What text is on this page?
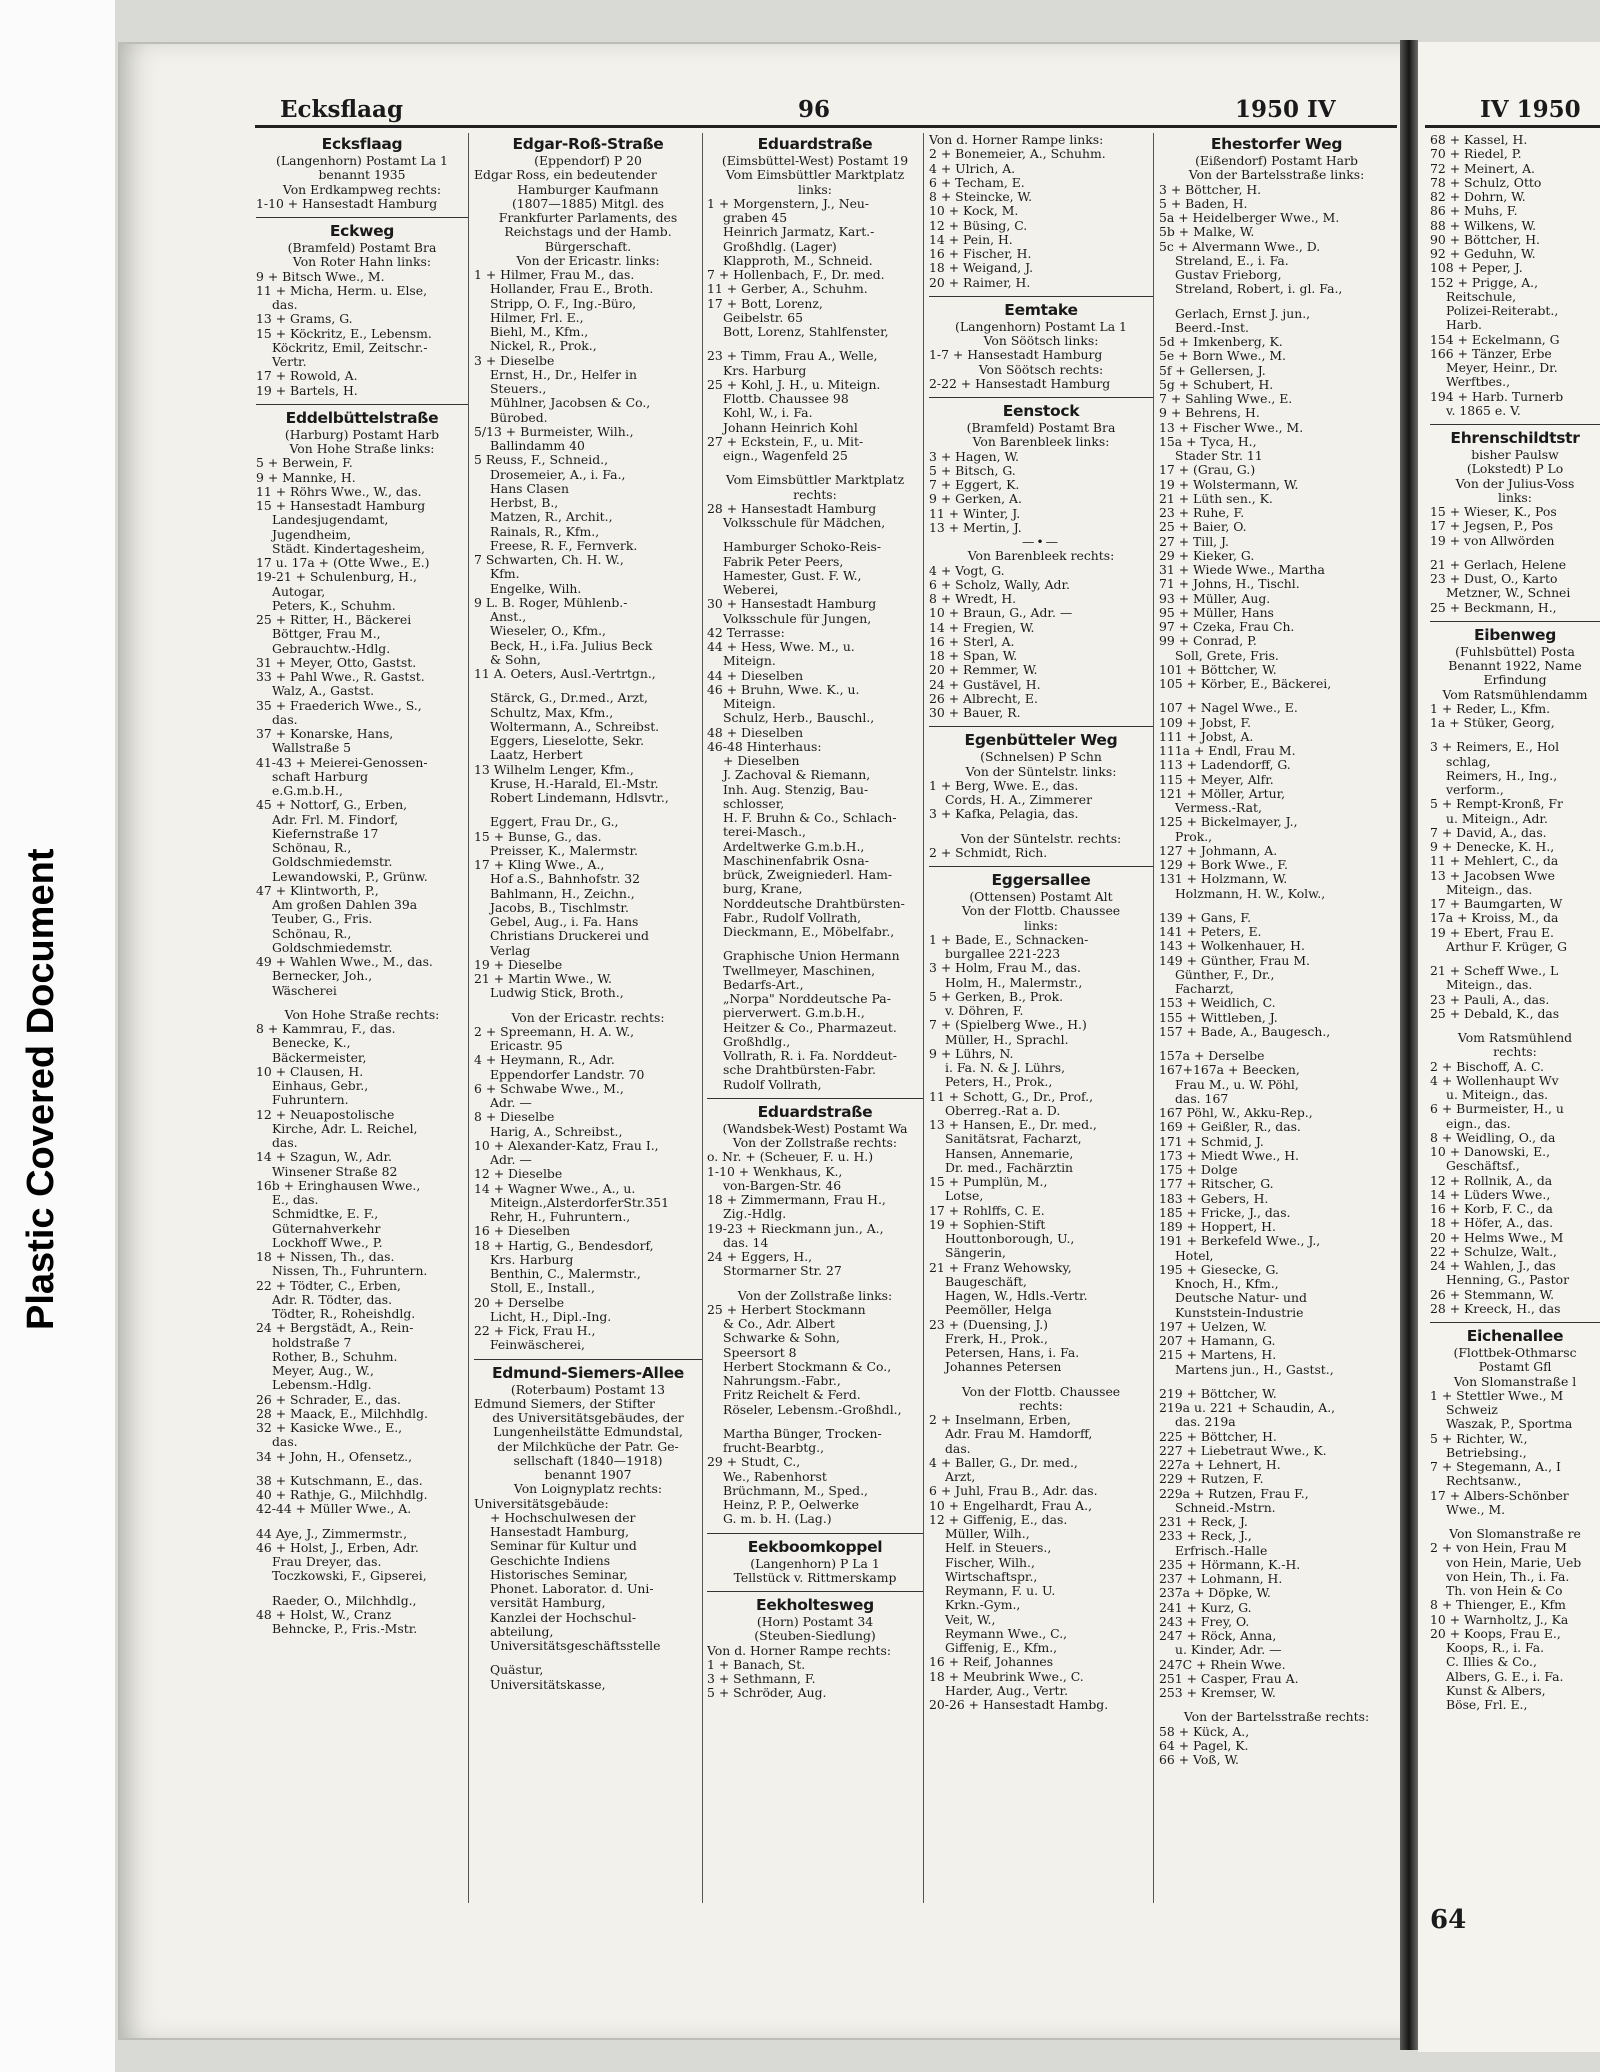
Ecksflaag	96	1950 IV	IV 1950
Ecksflaag
(Langenhorn) Postamt La 1
benannt 1935
Von Erdkampweg rechts:
1-10 + Hansestadt Hamburg
Eckweg
(Bramfeld) Postamt Bra
Von Roter Hahn links:
9 + Bitsch Wwe., M.
11 + Micha, Herm. u. Else,
das.
13 + Grams, G.
15 + Köckritz, E., Lebensm.
Köckritz, Emil, Zeitschr.-
Vertr.
17 + Rowold, A.
19 + Bartels, H.
Eddelbüttelstraße
(Harburg) Postamt Harb
Von Hohe Straße links:
5 + Berwein, F.
9 + Mannke, H.
11 + Röhrs Wwe., W., das.
15 + Hansestadt Hamburg
Landesjugendamt,
Jugendheim,
Städt. Kindertagesheim,
17 u. 17a + (Otte Wwe., E.)
19-21 + Schulenburg, H.,
Autogar,
Peters, K., Schuhm.
25 + Ritter, H., Bäckerei
Böttger, Frau M.,
Gebrauchtw.-Hdlg.
31 + Meyer, Otto, Gastst.
33 + Pahl Wwe., R. Gastst.
Walz, A., Gastst.
35 + Fraederich Wwe., S.,
das.
37 + Konarske, Hans,
Wallstraße 5
41-43 + Meierei-Genossen-
schaft Harburg
e.G.m.b.H.,
45 + Nottorf, G., Erben,
Adr. Frl. M. Findorf,
Kiefernstraße 17
Schönau, R.,
Goldschmiedemstr.
Lewandowski, P., Grünw.
47 + Klintworth, P.,
Am großen Dahlen 39a
Teuber, G., Fris.
Schönau, R.,
Goldschmiedemstr.
49 + Wahlen Wwe., M., das.
Bernecker, Joh.,
Wäscherei
Von Hohe Straße rechts:
8 + Kammrau, F., das.
Benecke, K.,
Bäckermeister,
10 + Clausen, H.
Einhaus, Gebr.,
Fuhruntern.
12 + Neuapostolische
Kirche, Adr. L. Reichel,
das.
14 + Szagun, W., Adr.
Winsener Straße 82
16b + Eringhausen Wwe.,
E., das.
Schmidtke, E. F.,
Güternahverkehr
Lockhoff Wwe., P.
18 + Nissen, Th., das.
Nissen, Th., Fuhruntern.
22 + Tödter, C., Erben,
Adr. R. Tödter, das.
Tödter, R., Roheishdlg.
24 + Bergstädt, A., Rein-
holdstraße 7
Rother, B., Schuhm.
Meyer, Aug., W.,
Lebensm.-Hdlg.
26 + Schrader, E., das.
28 + Maack, E., Milchhdlg.
32 + Kasicke Wwe., E.,
das.
34 + John, H., Ofensetz.,
38 + Kutschmann, E., das.
40 + Rathje, G., Milchhdlg.
42-44 + Müller Wwe., A.
44 Aye, J., Zimmermstr.,
46 + Holst, J., Erben, Adr.
Frau Dreyer, das.
Toczkowski, F., Gipserei,
Raeder, O., Milchhdlg.,
48 + Holst, W., Cranz
Behncke, P., Fris.-Mstr.
Edgar-Roß-Straße
(Eppendorf) P 20
Edgar Ross, ein bedeutender
Hamburger Kaufmann
(1807—1885) Mitgl. des
Frankfurter Parlaments, des
Reichstags und der Hamb.
Bürgerschaft.
Von der Ericastr. links:
1 + Hilmer, Frau M., das.
Hollander, Frau E., Broth.
Stripp, O. F., Ing.-Büro,
Hilmer, Frl. E.,
Biehl, M., Kfm.,
Nickel, R., Prok.,
3 + Dieselbe
Ernst, H., Dr., Helfer in
Steuers.,
Mühlner, Jacobsen & Co.,
Bürobed.
5/13 + Burmeister, Wilh.,
Ballindamm 40
5 Reuss, F., Schneid.,
Drosemeier, A., i. Fa.,
Hans Clasen
Herbst, B.,
Matzen, R., Archit.,
Rainals, R., Kfm.,
Freese, R. F., Fernverk.
7 Schwarten, Ch. H. W.,
Kfm.
Engelke, Wilh.
9 L. B. Roger, Mühlenb.-
Anst.,
Wieseler, O., Kfm.,
Beck, H., i.Fa. Julius Beck
& Sohn,
11 A. Oeters, Ausl.-Vertrtgn.,
Stärck, G., Dr.med., Arzt,
Schultz, Max, Kfm.,
Woltermann, A., Schreibst.
Eggers, Lieselotte, Sekr.
Laatz, Herbert
13 Wilhelm Lenger, Kfm.,
Kruse, H.-Harald, El.-Mstr.
Robert Lindemann, Hdlsvtr.,
Eggert, Frau Dr., G.,
15 + Bunse, G., das.
Preisser, K., Malermstr.
17 + Kling Wwe., A.,
Hof a.S., Bahnhofstr. 32
Bahlmann, H., Zeichn.,
Jacobs, B., Tischlmstr.
Gebel, Aug., i. Fa. Hans
Christians Druckerei und
Verlag
19 + Dieselbe
21 + Martin Wwe., W.
Ludwig Stick, Broth.,
Von der Ericastr. rechts:
2 + Spreemann, H. A. W.,
Ericastr. 95
4 + Heymann, R., Adr.
Eppendorfer Landstr. 70
6 + Schwabe Wwe., M.,
Adr. —
8 + Dieselbe
Harig, A., Schreibst.,
10 + Alexander-Katz, Frau I.,
Adr. —
12 + Dieselbe
14 + Wagner Wwe., A., u.
Miteign.,AlsterdorferStr.351
Rehr, H., Fuhruntern.,
16 + Dieselben
18 + Hartig, G., Bendesdorf,
Krs. Harburg
Benthin, C., Malermstr.,
Stoll, E., Install.,
20 + Derselbe
Licht, H., Dipl.-Ing.
22 + Fick, Frau H.,
Feinwäscherei,
Edmund-Siemers-Allee
(Roterbaum) Postamt 13
Edmund Siemers, der Stifter
des Universitätsgebäudes, der
Lungenheilstätte Edmundstal,
der Milchküche der Patr. Ge-
sellschaft (1840—1918)
benannt 1907
Von Loignyplatz rechts:
Universitätsgebäude:
+ Hochschulwesen der
Hansestadt Hamburg,
Seminar für Kultur und
Geschichte Indiens
Historisches Seminar,
Phonet. Laborator. d. Uni-
versität Hamburg,
Kanzlei der Hochschul-
abteilung,
Universitätsgeschäftsstelle
Quästur,
Universitätskasse,
Eduardstraße
(Eimsbüttel-West) Postamt 19
Vom Eimsbüttler Marktplatz
links:
1 + Morgenstern, J., Neu-
graben 45
Heinrich Jarmatz, Kart.-
Großhdlg. (Lager)
Klapproth, M., Schneid.
7 + Hollenbach, F., Dr. med.
11 + Gerber, A., Schuhm.
17 + Bott, Lorenz,
Geibelstr. 65
Bott, Lorenz, Stahlfenster,
23 + Timm, Frau A., Welle,
Krs. Harburg
25 + Kohl, J. H., u. Miteign.
Flottb. Chaussee 98
Kohl, W., i. Fa.
Johann Heinrich Kohl
27 + Eckstein, F., u. Mit-
eign., Wagenfeld 25
Vom Eimsbüttler Marktplatz
rechts:
28 + Hansestadt Hamburg
Volksschule für Mädchen,
Hamburger Schoko-Reis-
Fabrik Peter Peers,
Hamester, Gust. F. W.,
Weberei,
30 + Hansestadt Hamburg
Volksschule für Jungen,
42 Terrasse:
44 + Hess, Wwe. M., u.
Miteign.
44 + Dieselben
46 + Bruhn, Wwe. K., u.
Miteign.
Schulz, Herb., Bauschl.,
48 + Dieselben
46-48 Hinterhaus:
+ Dieselben
J. Zachoval & Riemann,
Inh. Aug. Stenzig, Bau-
schlosser,
H. F. Bruhn & Co., Schlach-
terei-Masch.,
Ardeltwerke G.m.b.H.,
Maschinenfabrik Osna-
brück, Zweigniederl. Ham-
burg, Krane,
Norddeutsche Drahtbürsten-
Fabr., Rudolf Vollrath,
Dieckmann, E., Möbelfabr.,
Graphische Union Hermann
Twellmeyer, Maschinen,
Bedarfs-Art.,
„Norpa" Norddeutsche Pa-
pierverwert. G.m.b.H.,
Heitzer & Co., Pharmazeut.
Großhdlg.,
Vollrath, R. i. Fa. Norddeut-
sche Drahtbürsten-Fabr.
Rudolf Vollrath,
Eduardstraße
(Wandsbek-West) Postamt Wa
Von der Zollstraße rechts:
o. Nr. + (Scheuer, F. u. H.)
1-10 + Wenkhaus, K.,
von-Bargen-Str. 46
18 + Zimmermann, Frau H.,
Zig.-Hdlg.
19-23 + Rieckmann jun., A.,
das. 14
24 + Eggers, H.,
Stormarner Str. 27
Von der Zollstraße links:
25 + Herbert Stockmann
& Co., Adr. Albert
Schwarke & Sohn,
Speersort 8
Herbert Stockmann & Co.,
Nahrungsm.-Fabr.,
Fritz Reichelt & Ferd.
Röseler, Lebensm.-Großhdl.,
Martha Bünger, Trocken-
frucht-Bearbtg.,
29 + Studt, C.,
We., Rabenhorst
Brüchmann, M., Sped.,
Heinz, P. P., Oelwerke
G. m. b. H. (Lag.)
Eekboomkoppel
(Langenhorn) P La 1
Tellstück v. Rittmerskamp
Eekholtesweg
(Horn) Postamt 34
(Steuben-Siedlung)
Von d. Horner Rampe rechts:
1 + Banach, St.
3 + Sethmann, F.
5 + Schröder, Aug.
Von d. Horner Rampe links:
2 + Bonemeier, A., Schuhm.
4 + Ulrich, A.
6 + Techam, E.
8 + Steincke, W.
10 + Kock, M.
12 + Büsing, C.
14 + Pein, H.
16 + Fischer, H.
18 + Weigand, J.
20 + Raimer, H.
Eemtake
(Langenhorn) Postamt La 1
Von Söötsch links:
1-7 + Hansestadt Hamburg
Von Söötsch rechts:
2-22 + Hansestadt Hamburg
Eenstock
(Bramfeld) Postamt Bra
Von Barenbleek links:
3 + Hagen, W.
5 + Bitsch, G.
7 + Eggert, K.
9 + Gerken, A.
11 + Winter, J.
13 + Mertin, J.
—•—
Von Barenbleek rechts:
4 + Vogt, G.
6 + Scholz, Wally, Adr.
8 + Wredt, H.
10 + Braun, G., Adr. —
14 + Fregien, W.
16 + Sterl, A.
18 + Span, W.
20 + Remmer, W.
24 + Gustävel, H.
26 + Albrecht, E.
30 + Bauer, R.
Egenbütteler Weg
(Schnelsen) P Schn
Von der Süntelstr. links:
1 + Berg, Wwe. E., das.
Cords, H. A., Zimmerer
3 + Kafka, Pelagia, das.
Von der Süntelstr. rechts:
2 + Schmidt, Rich.
Eggersallee
(Ottensen) Postamt Alt
Von der Flottb. Chaussee
links:
1 + Bade, E., Schnacken-
burgallee 221-223
3 + Holm, Frau M., das.
Holm, H., Malermstr.,
5 + Gerken, B., Prok.
v. Döhren, F.
7 + (Spielberg Wwe., H.)
Müller, H., Sprachl.
9 + Lührs, N.
i. Fa. N. & J. Lührs,
Peters, H., Prok.,
11 + Schott, G., Dr., Prof.,
Oberreg.-Rat a. D.
13 + Hansen, E., Dr. med.,
Sanitätsrat, Facharzt,
Hansen, Annemarie,
Dr. med., Fachärztin
15 + Pumplün, M.,
Lotse,
17 + Rohlffs, C. E.
19 + Sophien-Stift
Houttonborough, U.,
Sängerin,
21 + Franz Wehowsky,
Baugeschäft,
Hagen, W., Hdls.-Vertr.
Peemöller, Helga
23 + (Duensing, J.)
Frerk, H., Prok.,
Petersen, Hans, i. Fa.
Johannes Petersen
Von der Flottb. Chaussee
rechts:
2 + Inselmann, Erben,
Adr. Frau M. Hamdorff,
das.
4 + Baller, G., Dr. med.,
Arzt,
6 + Juhl, Frau B., Adr. das.
10 + Engelhardt, Frau A.,
12 + Giffenig, E., das.
Müller, Wilh.,
Helf. in Steuers.,
Fischer, Wilh.,
Wirtschaftspr.,
Reymann, F. u. U.
Krkn.-Gym.,
Veit, W.,
Reymann Wwe., C.,
Giffenig, E., Kfm.,
16 + Reif, Johannes
18 + Meubrink Wwe., C.
Harder, Aug., Vertr.
20-26 + Hansestadt Hambg.
Ehestorfer Weg
(Eißendorf) Postamt Harb
Von der Bartelsstraße links:
3 + Böttcher, H.
5 + Baden, H.
5a + Heidelberger Wwe., M.
5b + Malke, W.
5c + Alvermann Wwe., D.
Streland, E., i. Fa.
Gustav Frieborg,
Streland, Robert, i. gl. Fa.,
Gerlach, Ernst J. jun.,
Beerd.-Inst.
5d + Imkenberg, K.
5e + Born Wwe., M.
5f + Gellersen, J.
5g + Schubert, H.
7 + Sahling Wwe., E.
9 + Behrens, H.
13 + Fischer Wwe., M.
15a + Tyca, H.,
Stader Str. 11
17 + (Grau, G.)
19 + Wolstermann, W.
21 + Lüth sen., K.
23 + Ruhe, F.
25 + Baier, O.
27 + Till, J.
29 + Kieker, G.
31 + Wiede Wwe., Martha
71 + Johns, H., Tischl.
93 + Müller, Aug.
95 + Müller, Hans
97 + Czeka, Frau Ch.
99 + Conrad, P.
Soll, Grete, Fris.
101 + Böttcher, W.
105 + Körber, E., Bäckerei,
107 + Nagel Wwe., E.
109 + Jobst, F.
111 + Jobst, A.
111a + Endl, Frau M.
113 + Ladendorff, G.
115 + Meyer, Alfr.
121 + Möller, Artur,
Vermess.-Rat,
125 + Bickelmayer, J.,
Prok.,
127 + Johmann, A.
129 + Bork Wwe., F.
131 + Holzmann, W.
Holzmann, H. W., Kolw.,
139 + Gans, F.
141 + Peters, E.
143 + Wolkenhauer, H.
149 + Günther, Frau M.
Günther, F., Dr.,
Facharzt,
153 + Weidlich, C.
155 + Wittleben, J.
157 + Bade, A., Baugesch.,
157a + Derselbe
167+167a + Beecken,
Frau M., u. W. Pöhl,
das. 167
167 Pöhl, W., Akku-Rep.,
169 + Geißler, R., das.
171 + Schmid, J.
173 + Miedt Wwe., H.
175 + Dolge
177 + Ritscher, G.
183 + Gebers, H.
185 + Fricke, J., das.
189 + Hoppert, H.
191 + Berkefeld Wwe., J.,
Hotel,
195 + Giesecke, G.
Knoch, H., Kfm.,
Deutsche Natur- und
Kunststein-Industrie
197 + Uelzen, W.
207 + Hamann, G.
215 + Martens, H.
Martens jun., H., Gastst.,
219 + Böttcher, W.
219a u. 221 + Schaudin, A.,
das. 219a
225 + Böttcher, H.
227 + Liebetraut Wwe., K.
227a + Lehnert, H.
229 + Rutzen, F.
229a + Rutzen, Frau F.,
Schneid.-Mstrn.
231 + Reck, J.
233 + Reck, J.,
Erfrisch.-Halle
235 + Hörmann, K.-H.
237 + Lohmann, H.
237a + Döpke, W.
241 + Kurz, G.
243 + Frey, O.
247 + Röck, Anna,
u. Kinder, Adr. —
247C + Rhein Wwe.
251 + Casper, Frau A.
253 + Kremser, W.
Von der Bartelsstraße rechts:
58 + Kück, A.,
64 + Pagel, K.
66 + Voß, W.
68 + Kassel, H.
70 + Riedel, P.
72 + Meinert, A.
78 + Schulz, Otto
82 + Dohrn, W.
86 + Muhs, F.
88 + Wilkens, W.
90 + Böttcher, H.
92 + Geduhn, W.
108 + Peper, J.
152 + Prigge, A.,
Reitschule,
Polizei-Reiterabt.,
Harb.
154 + Eckelmann, G
166 + Tänzer, Erbe
Meyer, Heinr., Dr.
Werftbes.,
194 + Harb. Turnerb
v. 1865 e. V.
Ehrenschildtstr
bisher Paulsw
(Lokstedt) P Lo
Von der Julius-Voss
links:
15 + Wieser, K., Pos
17 + Jegsen, P., Pos
19 + von Allwörden
21 + Gerlach, Helene
23 + Dust, O., Karto
Metzner, W., Schnei
25 + Beckmann, H.,
Eibenweg
(Fuhlsbüttel) Posta
Benannt 1922, Name
Erfindung
Vom Ratsmühlendamm
1 + Reder, L., Kfm.
1a + Stüker, Georg,
3 + Reimers, E., Hol
schlag,
Reimers, H., Ing.,
verform.,
5 + Rempt-Kronß, Fr
u. Miteign., Adr.
7 + David, A., das.
9 + Denecke, K. H.,
11 + Mehlert, C., da
13 + Jacobsen Wwe
Miteign., das.
17 + Baumgarten, W
17a + Kroiss, M., da
19 + Ebert, Frau E.
Arthur F. Krüger, G
21 + Scheff Wwe., L
Miteign., das.
23 + Pauli, A., das.
25 + Debald, K., das
Vom Ratsmühlend
rechts:
2 + Bischoff, A. C.
4 + Wollenhaupt Wv
u. Miteign., das.
6 + Burmeister, H., u
eign., das.
8 + Weidling, O., da
10 + Danowski, E.,
Geschäftsf.,
12 + Rollnik, A., da
14 + Lüders Wwe.,
16 + Korb, F. C., da
18 + Höfer, A., das.
20 + Helms Wwe., M
22 + Schulze, Walt.,
24 + Wahlen, J., das
Henning, G., Pastor
26 + Stemmann, W.
28 + Kreeck, H., das
Eichenallee
(Flottbek-Othmarsc
Postamt Gfl
Von Slomanstraße l
1 + Stettler Wwe., M
Schweiz
Waszak, P., Sportma
5 + Richter, W.,
Betriebsing.,
7 + Stegemann, A., I
Rechtsanw.,
17 + Albers-Schönber
Wwe., M.
Von Slomanstraße re
2 + von Hein, Frau M
von Hein, Marie, Ueb
von Hein, Th., i. Fa.
Th. von Hein & Co
8 + Thienger, E., Kfm
10 + Warnholtz, J., Ka
20 + Koops, Frau E.,
Koops, R., i. Fa.
C. Illies & Co.,
Albers, G. E., i. Fa.
Kunst & Albers,
Böse, Frl. E.,
64
